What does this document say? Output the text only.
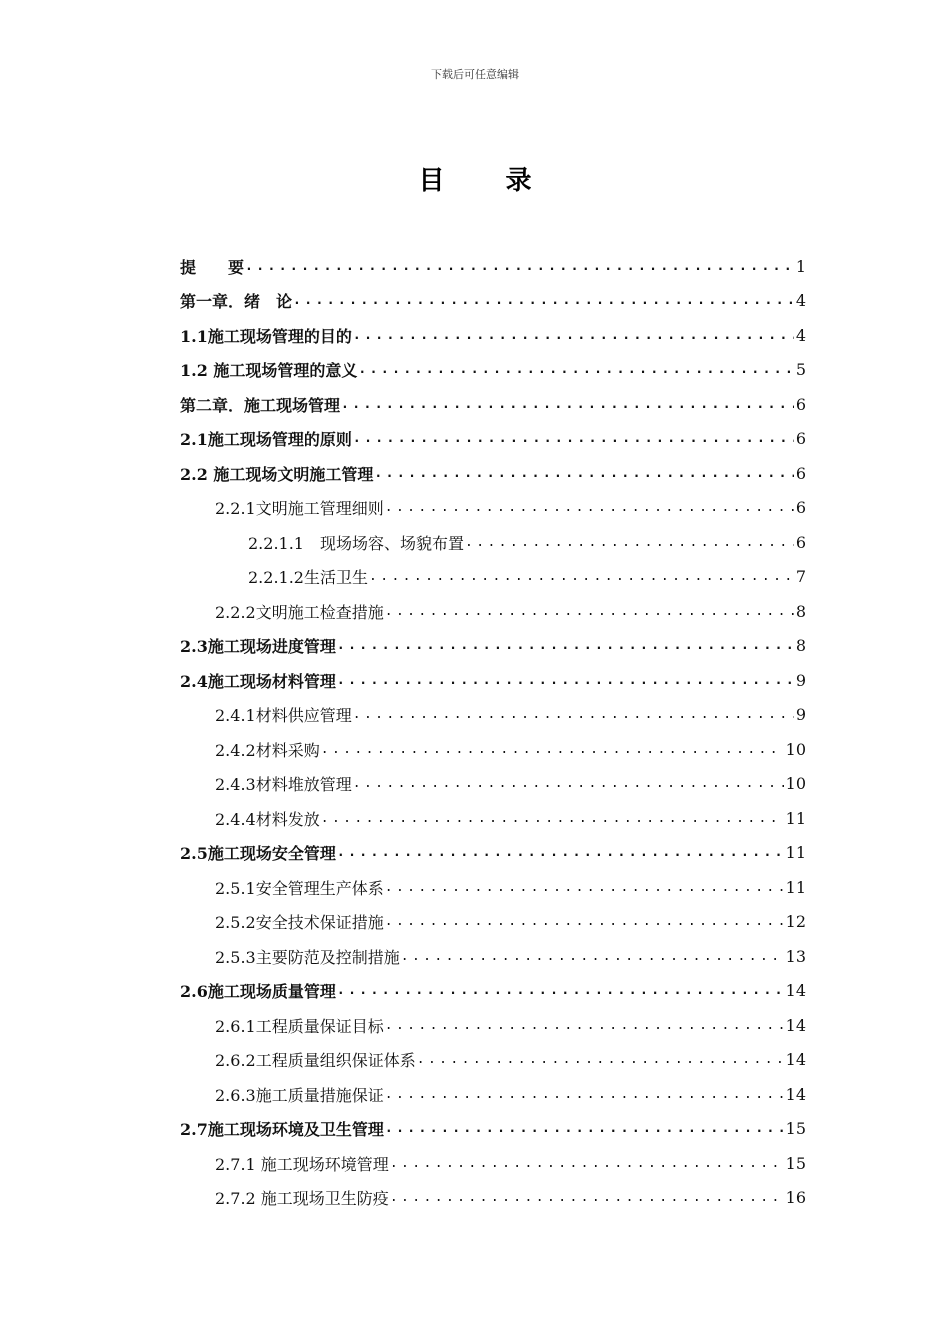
下载后可任意编辑
目 录
提　　要 .....	1
第一章．绪　论 .....	4
1.1施工现场管理的目的 .....	4
1.2 施工现场管理的意义 .....	5
第二章．施工现场管理 .....	6
2.1施工现场管理的原则 .....	6
2.2 施工现场文明施工管理 .....	6
2.2.1文明施工管理细则 .....	6
2.2.1.1　现场场容、场貌布置 .....	6
2.2.1.2生活卫生 .....	7
2.2.2文明施工检查措施 .....	8
2.3施工现场进度管理 .....	8
2.4施工现场材料管理 .....	9
2.4.1材料供应管理 .....	9
2.4.2材料采购 .....	10
2.4.3材料堆放管理 .....	10
2.4.4材料发放 .....	11
2.5施工现场安全管理 .....	11
2.5.1安全管理生产体系 .....	11
2.5.2安全技术保证措施 .....	12
2.5.3主要防范及控制措施 .....	13
2.6施工现场质量管理 .....	14
2.6.1工程质量保证目标 .....	14
2.6.2工程质量组织保证体系 .....	14
2.6.3施工质量措施保证 .....	14
2.7施工现场环境及卫生管理 .....	15
2.7.1 施工现场环境管理 .....	15
2.7.2 施工现场卫生防疫 .....	16
